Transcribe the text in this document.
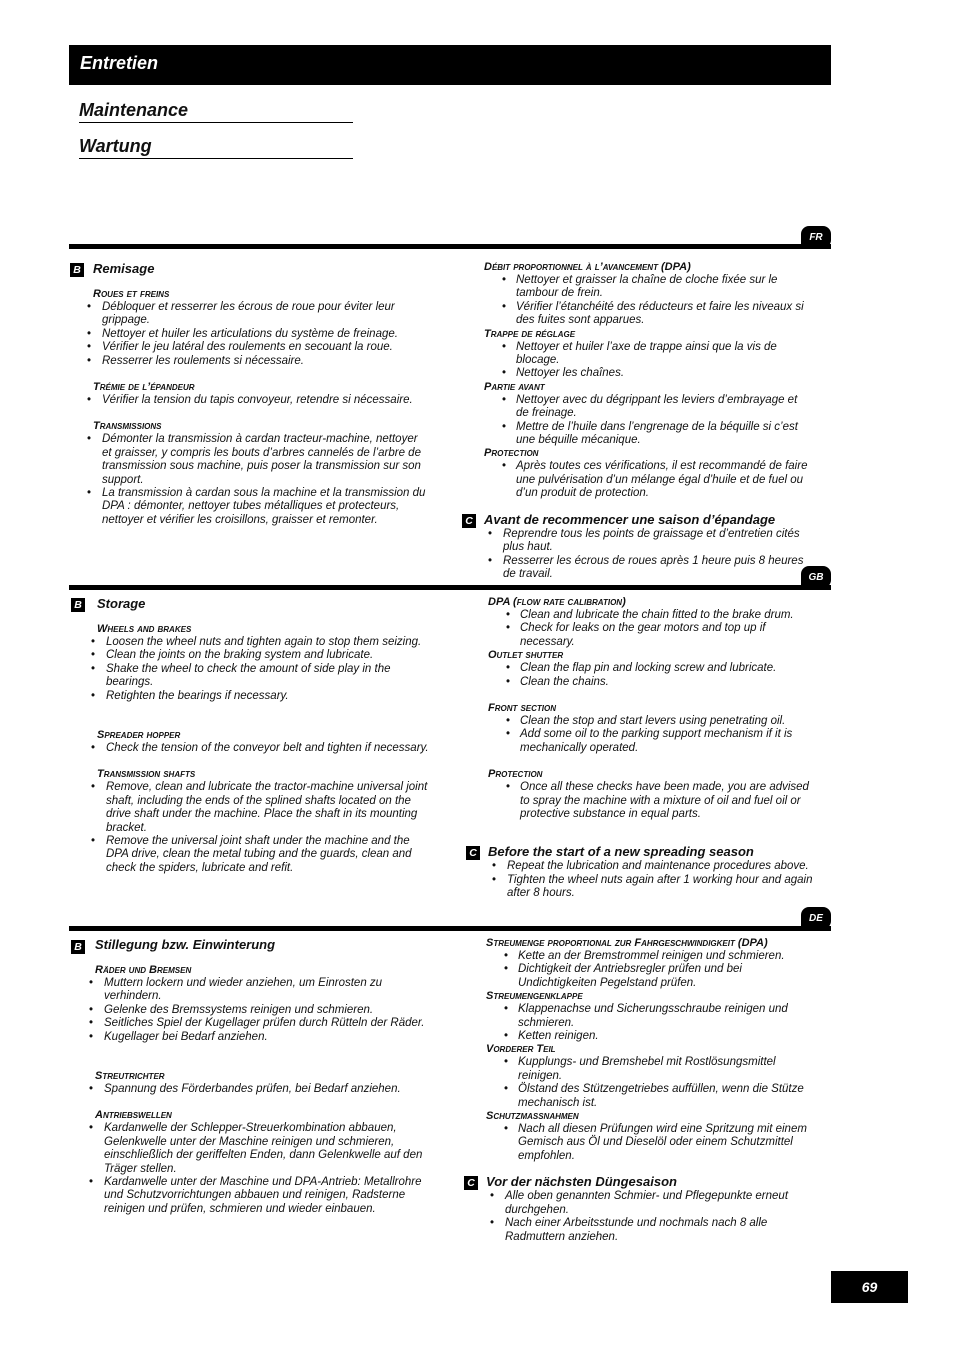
Entretien
Maintenance
Wartung
FR
B Remisage
Roues et freins
• Débloquer et resserrer les écrous de roue pour éviter leur grippage.
• Nettoyer et huiler les articulations du système de freinage.
• Vérifier le jeu latéral des roulements en secouant la roue.
• Resserrer les roulements si nécessaire.
Trémie de l’épandeur
• Vérifier la tension du tapis convoyeur, retendre si nécessaire.
Transmissions
• Démonter la transmission à cardan tracteur-machine, nettoyer et graisser, y compris les bouts d’arbres cannelés de l’arbre de transmission sous machine, puis poser la transmission sur son support.
• La transmission à cardan sous la machine et la transmission du DPA : démonter, nettoyer tubes métalliques et protecteurs, nettoyer et vérifier les croisillons, graisser et remonter.
Débit proportionnel à l’avancement (DPA)
• Nettoyer et graisser la chaîne de cloche fixée sur le tambour de frein.
• Vérifier l’étanchéité des réducteurs et faire les niveaux si des fuites sont apparues.
Trappe de réglage
• Nettoyer et huiler l’axe de trappe ainsi que la vis de blocage.
• Nettoyer les chaînes.
Partie avant
• Nettoyer avec du dégrippant les leviers d’embrayage et de freinage.
• Mettre de l’huile dans l’engrenage de la béquille si c’est une béquille mécanique.
Protection
• Après toutes ces vérifications, il est recommandé de faire une pulvérisation d’un mélange égal d’huile et de fuel ou d’un produit de protection.
C Avant de recommencer une saison d’épandage
• Reprendre tous les points de graissage et d’entretien cités plus haut.
• Resserrer les écrous de roues après 1 heure puis 8 heures de travail.	GB
B Storage
Wheels and brakes
• Loosen the wheel nuts and tighten again to stop them seizing.
• Clean the joints on the braking system and lubricate.
• Shake the wheel to check the amount of side play in the bearings.
• Retighten the bearings if necessary.
Spreader hopper
• Check the tension of the conveyor belt and tighten if necessary.
Transmission shafts
• Remove, clean and lubricate the tractor-machine universal joint shaft, including the ends of the splined shafts located on the drive shaft under the machine. Place the shaft in its mounting bracket.
• Remove the universal joint shaft under the machine and the DPA drive, clean the metal tubing and the guards, clean and check the spiders, lubricate and refit.
DPA (flow rate calibration)
• Clean and lubricate the chain fitted to the brake drum.
• Check for leaks on the gear motors and top up if necessary.
Outlet shutter
• Clean the flap pin and locking screw and lubricate.
• Clean the chains.
Front section
• Clean the stop and start levers using penetrating oil.
• Add some oil to the parking support mechanism if it is mechanically operated.
Protection
• Once all these checks have been made, you are advised to spray the machine with a mixture of oil and fuel oil or protective substance in equal parts.
C Before the start of a new spreading season
• Repeat the lubrication and maintenance procedures above.
• Tighten the wheel nuts again after 1 working hour and again after 8 hours.
DE
B Stillegung bzw. Einwinterung
Räder und Bremsen
• Muttern lockern und wieder anziehen, um Einrosten zu verhindern.
• Gelenke des Bremssystems reinigen und schmieren.
• Seitliches Spiel der Kugellager prüfen durch Rütteln der Räder.
• Kugellager bei Bedarf anziehen.
Streutrichter
• Spannung des Förderbandes prüfen, bei Bedarf anziehen.
Antriebswellen
• Kardanwelle der Schlepper-Streuerkombination abbauen, Gelenkwelle unter der Maschine reinigen und schmieren, einschließlich der geriffelten Enden, dann Gelenkwelle auf den Träger stellen.
• Kardanwelle unter der Maschine und DPA-Antrieb: Metallrohre und Schutzvorrichtungen abbauen und reinigen, Radsterne reinigen und prüfen, schmieren und wieder einbauen.
Streumenge proportional zur Fahrgeschwindigkeit (DPA)
• Kette an der Bremstrommel reinigen und schmieren.
• Dichtigkeit der Antriebsregler prüfen und bei Undichtigkeiten Pegelstand prüfen.
Streumengenklappe
• Klappenachse und Sicherungsschraube reinigen und schmieren.
• Ketten reinigen.
Vorderer Teil
• Kupplungs- und Bremshebel mit Rostlösungsmittel reinigen.
• Ölstand des Stützengetriebes auffüllen, wenn die Stütze mechanisch ist.
Schutzmaßnahmen
• Nach all diesen Prüfungen wird eine Spritzung mit einem Gemisch aus Öl und Dieselöl oder einem Schutzmittel empfohlen.
C Vor der nächsten Düngesaison
• Alle oben genannten Schmier- und Pflegepunkte erneut durchgehen.
• Nach einer Arbeitsstunde und nochmals nach 8 alle Radmuttern anziehen.
69
